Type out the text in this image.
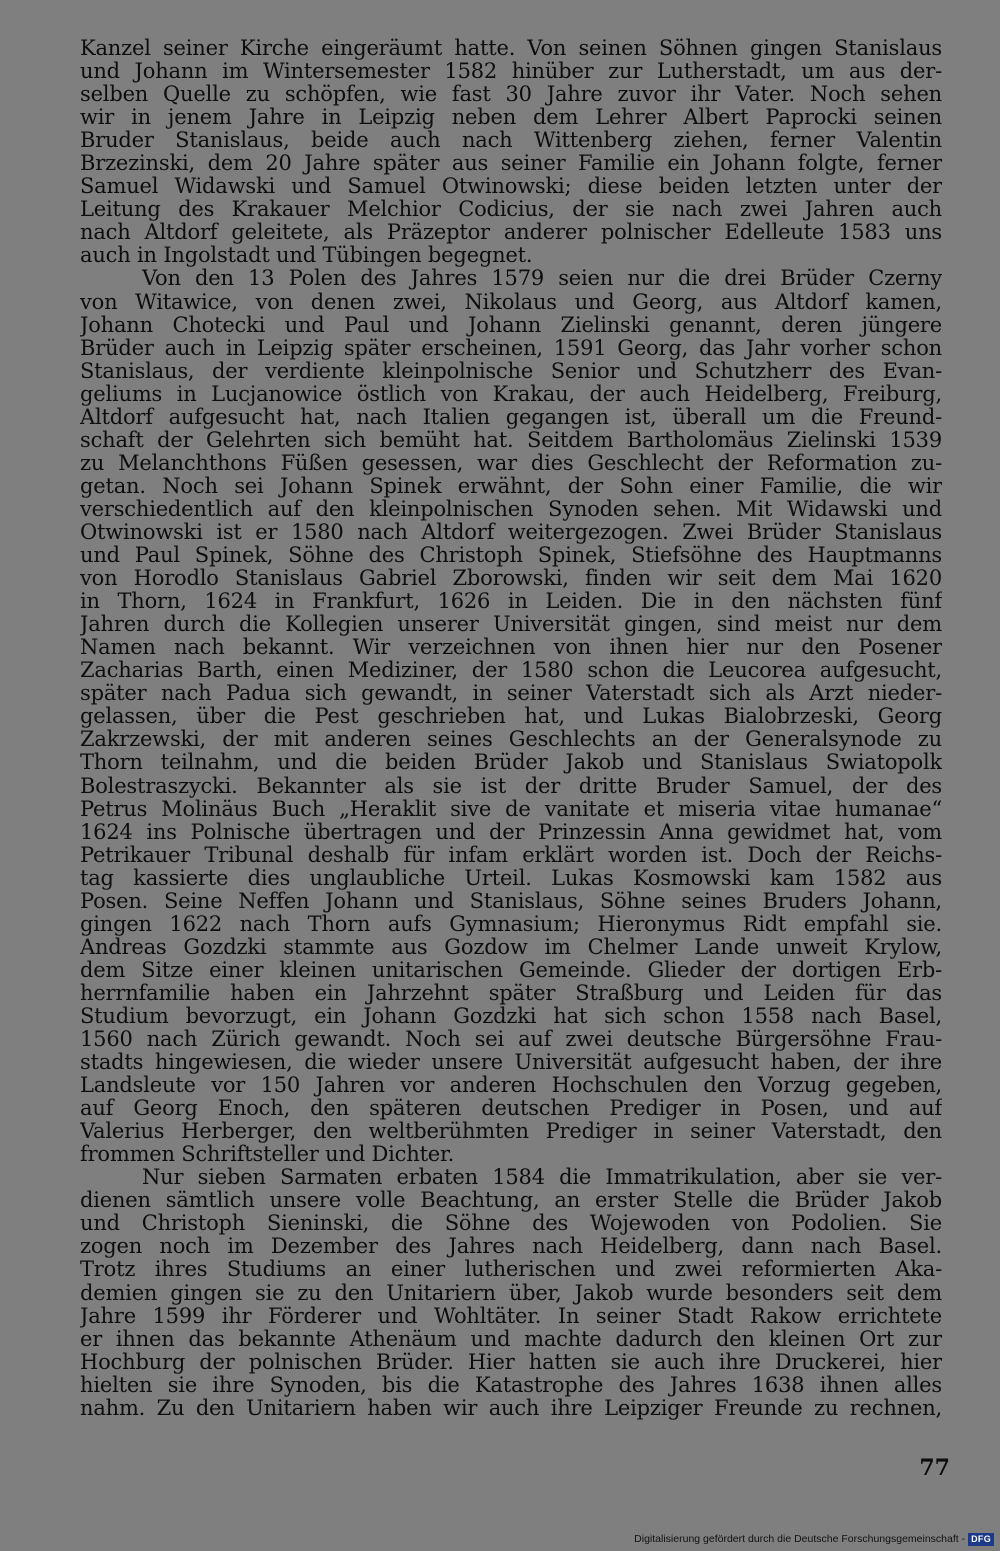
Kanzel seiner Kirche eingeräumt hatte. Von seinen Söhnen gingen Stanislaus
und Johann im Wintersemester 1582 hinüber zur Lutherstadt, um aus der-
selben Quelle zu schöpfen, wie fast 30 Jahre zuvor ihr Vater. Noch sehen
wir in jenem Jahre in Leipzig neben dem Lehrer Albert Paprocki seinen
Bruder Stanislaus, beide auch nach Wittenberg ziehen, ferner Valentin
Brzezinski, dem 20 Jahre später aus seiner Familie ein Johann folgte, ferner
Samuel Widawski und Samuel Otwinowski; diese beiden letzten unter der
Leitung des Krakauer Melchior Codicius, der sie nach zwei Jahren auch
nach Altdorf geleitete, als Präzeptor anderer polnischer Edelleute 1583 uns
auch in Ingolstadt und Tübingen begegnet.
Von den 13 Polen des Jahres 1579 seien nur die drei Brüder Czerny
von Witawice, von denen zwei, Nikolaus und Georg, aus Altdorf kamen,
Johann Chotecki und Paul und Johann Zielinski genannt, deren jüngere
Brüder auch in Leipzig später erscheinen, 1591 Georg, das Jahr vorher schon
Stanislaus, der verdiente kleinpolnische Senior und Schutzherr des Evan-
geliums in Lucjanowice östlich von Krakau, der auch Heidelberg, Freiburg,
Altdorf aufgesucht hat, nach Italien gegangen ist, überall um die Freund-
schaft der Gelehrten sich bemüht hat. Seitdem Bartholomäus Zielinski 1539
zu Melanchthons Füßen gesessen, war dies Geschlecht der Reformation zu-
getan. Noch sei Johann Spinek erwähnt, der Sohn einer Familie, die wir
verschiedentlich auf den kleinpolnischen Synoden sehen. Mit Widawski und
Otwinowski ist er 1580 nach Altdorf weitergezogen. Zwei Brüder Stanislaus
und Paul Spinek, Söhne des Christoph Spinek, Stiefsöhne des Hauptmanns
von Horodlo Stanislaus Gabriel Zborowski, finden wir seit dem Mai 1620
in Thorn, 1624 in Frankfurt, 1626 in Leiden. Die in den nächsten fünf
Jahren durch die Kollegien unserer Universität gingen, sind meist nur dem
Namen nach bekannt. Wir verzeichnen von ihnen hier nur den Posener
Zacharias Barth, einen Mediziner, der 1580 schon die Leucorea aufgesucht,
später nach Padua sich gewandt, in seiner Vaterstadt sich als Arzt nieder-
gelassen, über die Pest geschrieben hat, und Lukas Bialobrzeski, Georg
Zakrzewski, der mit anderen seines Geschlechts an der Generalsynode zu
Thorn teilnahm, und die beiden Brüder Jakob und Stanislaus Swiatopolk
Bolestraszycki. Bekannter als sie ist der dritte Bruder Samuel, der des
Petrus Molinäus Buch „Heraklit sive de vanitate et miseria vitae humanae“
1624 ins Polnische übertragen und der Prinzessin Anna gewidmet hat, vom
Petrikauer Tribunal deshalb für infam erklärt worden ist. Doch der Reichs-
tag kassierte dies unglaubliche Urteil. Lukas Kosmowski kam 1582 aus
Posen. Seine Neffen Johann und Stanislaus, Söhne seines Bruders Johann,
gingen 1622 nach Thorn aufs Gymnasium; Hieronymus Ridt empfahl sie.
Andreas Gozdzki stammte aus Gozdow im Chelmer Lande unweit Krylow,
dem Sitze einer kleinen unitarischen Gemeinde. Glieder der dortigen Erb-
herrnfamilie haben ein Jahrzehnt später Straßburg und Leiden für das
Studium bevorzugt, ein Johann Gozdzki hat sich schon 1558 nach Basel,
1560 nach Zürich gewandt. Noch sei auf zwei deutsche Bürgersöhne Frau-
stadts hingewiesen, die wieder unsere Universität aufgesucht haben, der ihre
Landsleute vor 150 Jahren vor anderen Hochschulen den Vorzug gegeben,
auf Georg Enoch, den späteren deutschen Prediger in Posen, und auf
Valerius Herberger, den weltberühmten Prediger in seiner Vaterstadt, den
frommen Schriftsteller und Dichter.
Nur sieben Sarmaten erbaten 1584 die Immatrikulation, aber sie ver-
dienen sämtlich unsere volle Beachtung, an erster Stelle die Brüder Jakob
und Christoph Sieninski, die Söhne des Wojewoden von Podolien. Sie
zogen noch im Dezember des Jahres nach Heidelberg, dann nach Basel.
Trotz ihres Studiums an einer lutherischen und zwei reformierten Aka-
demien gingen sie zu den Unitariern über, Jakob wurde besonders seit dem
Jahre 1599 ihr Förderer und Wohltäter. In seiner Stadt Rakow errichtete
er ihnen das bekannte Athenäum und machte dadurch den kleinen Ort zur
Hochburg der polnischen Brüder. Hier hatten sie auch ihre Druckerei, hier
hielten sie ihre Synoden, bis die Katastrophe des Jahres 1638 ihnen alles
nahm. Zu den Unitariern haben wir auch ihre Leipziger Freunde zu rechnen,
77
Digitalisierung gefördert durch die Deutsche Forschungsgemeinschaft - DFG
